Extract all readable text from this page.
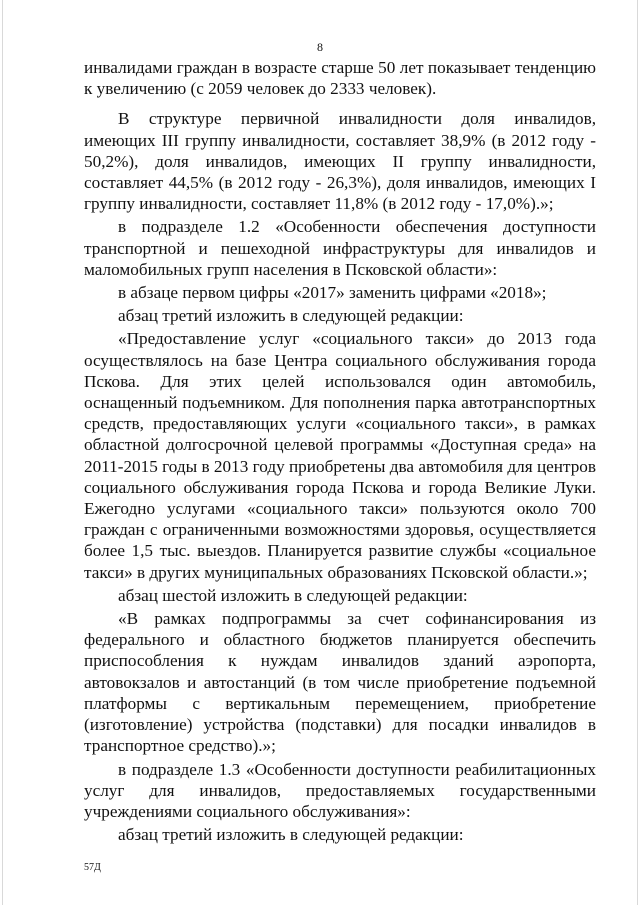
8

инвалидами граждан в возрасте старше 50 лет показывает тенденцию к увеличению (с 2059 человек до 2333 человек).

В структуре первичной инвалидности доля инвалидов, имеющих III группу инвалидности, составляет 38,9% (в 2012 году - 50,2%), доля инвалидов, имеющих II группу инвалидности, составляет 44,5% (в 2012 году - 26,3%), доля инвалидов, имеющих I группу инвалидности, составляет 11,8% (в 2012 году - 17,0%).»;

в подразделе 1.2 «Особенности обеспечения доступности транспортной и пешеходной инфраструктуры для инвалидов и маломобильных групп населения в Псковской области»:

в абзаце первом цифры «2017» заменить цифрами «2018»;

абзац третий изложить в следующей редакции:

«Предоставление услуг «социального такси» до 2013 года осуществлялось на базе Центра социального обслуживания города Пскова. Для этих целей использовался один автомобиль, оснащенный подъемником. Для пополнения парка автотранспортных средств, предоставляющих услуги «социального такси», в рамках областной долгосрочной целевой программы «Доступная среда» на 2011-2015 годы в 2013 году приобретены два автомобиля для центров социального обслуживания города Пскова и города Великие Луки. Ежегодно услугами «социального такси» пользуются около 700 граждан с ограниченными возможностями здоровья, осуществляется более 1,5 тыс. выездов. Планируется развитие службы «социальное такси» в других муниципальных образованиях Псковской области.»;

абзац шестой изложить в следующей редакции:

«В рамках подпрограммы за счет софинансирования из федерального и областного бюджетов планируется обеспечить приспособления к нуждам инвалидов зданий аэропорта, автовокзалов и автостанций (в том числе приобретение подъемной платформы с вертикальным перемещением, приобретение (изготовление) устройства (подставки) для посадки инвалидов в транспортное средство).»;

в подразделе 1.3 «Особенности доступности реабилитационных услуг для инвалидов, предоставляемых государственными учреждениями социального обслуживания»:

абзац третий изложить в следующей редакции:

57Д
